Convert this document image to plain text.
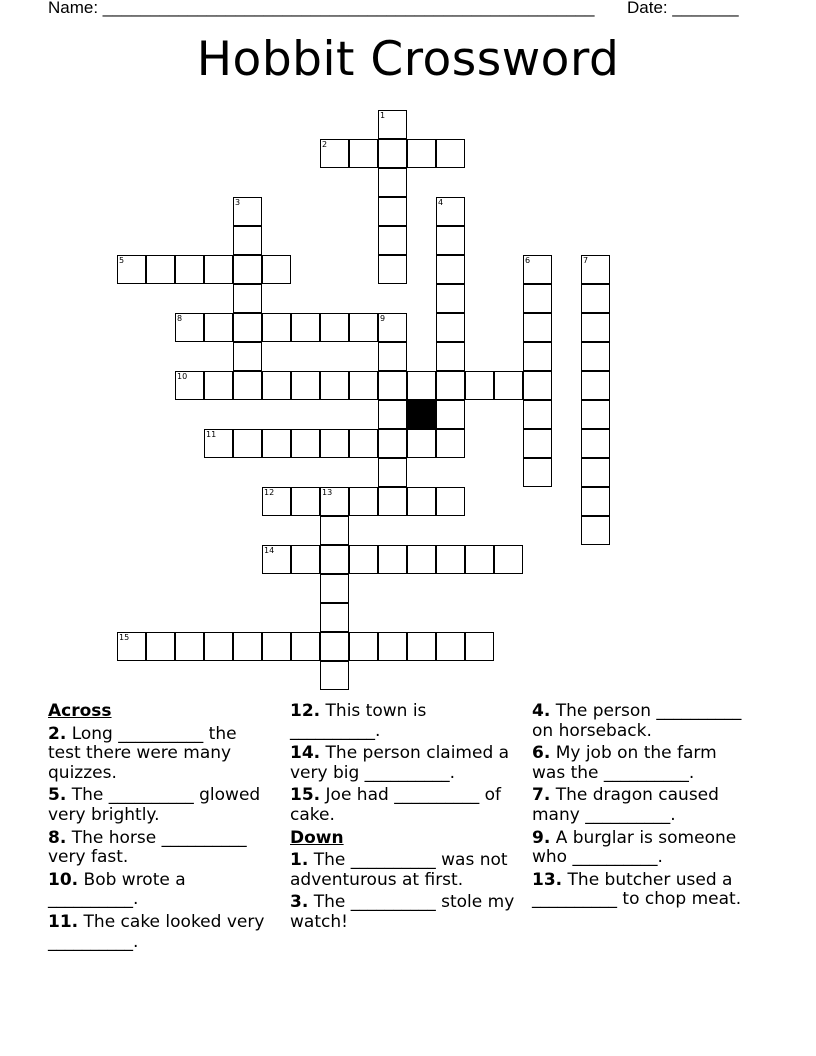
Name: ____________________________________________________ Date: _______
Hobbit Crossword
1
2
3	4
5	6	7
8	9
10
11
12	13
14
15
Across
2. Long __________ the test there were many quizzes.
5. The __________ glowed very brightly.
8. The horse __________ very fast.
10. Bob wrote a __________.
11. The cake looked very __________.
12. This town is __________.
14. The person claimed a very big __________.
15. Joe had __________ of cake.
Down
1. The __________ was not adventurous at first.
3. The __________ stole my watch!
4. The person __________ on horseback.
6. My job on the farm was the __________.
7. The dragon caused many __________.
9. A burglar is someone who __________.
13. The butcher used a __________ to chop meat.
